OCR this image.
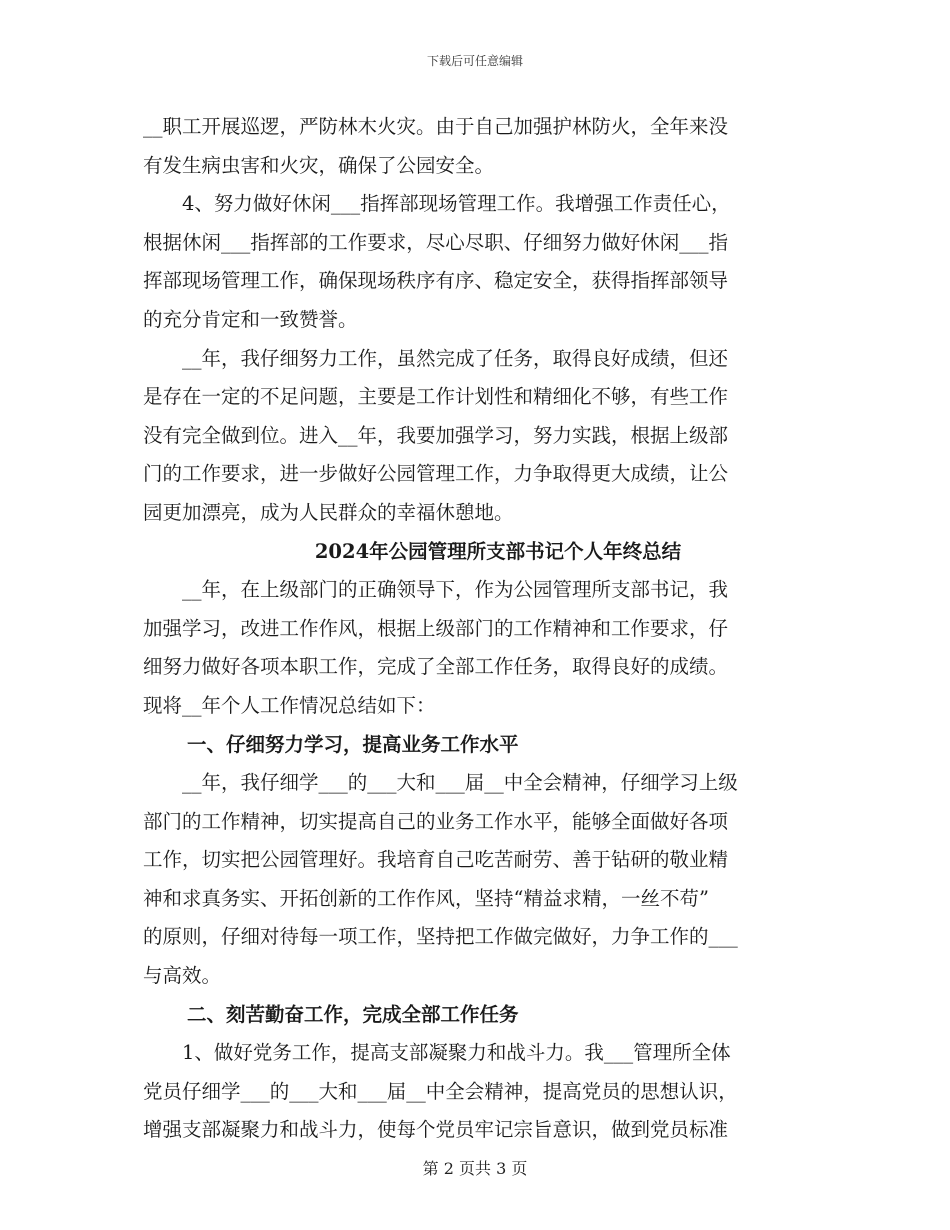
下载后可任意编辑
__职工开展巡逻，严防林木火灾。由于自己加强护林防火，全年来没
有发生病虫害和火灾，确保了公园安全。
4、努力做好休闲___指挥部现场管理工作。我增强工作责任心，
根据休闲___指挥部的工作要求，尽心尽职、仔细努力做好休闲___指
挥部现场管理工作，确保现场秩序有序、稳定安全，获得指挥部领导
的充分肯定和一致赞誉。
__年，我仔细努力工作，虽然完成了任务，取得良好成绩，但还
是存在一定的不足问题，主要是工作计划性和精细化不够，有些工作
没有完全做到位。进入__年，我要加强学习，努力实践，根据上级部
门的工作要求，进一步做好公园管理工作，力争取得更大成绩，让公
园更加漂亮，成为人民群众的幸福休憩地。
2024年公园管理所支部书记个人年终总结
__年，在上级部门的正确领导下，作为公园管理所支部书记，我
加强学习，改进工作作风，根据上级部门的工作精神和工作要求，仔
细努力做好各项本职工作，完成了全部工作任务，取得良好的成绩。
现将__年个人工作情况总结如下：
一、仔细努力学习，提高业务工作水平
__年，我仔细学___的___大和___届__中全会精神，仔细学习上级
部门的工作精神，切实提高自己的业务工作水平，能够全面做好各项
工作，切实把公园管理好。我培育自己吃苦耐劳、善于钻研的敬业精
神和求真务实、开拓创新的工作作风，坚持“精益求精，一丝不苟”
的原则，仔细对待每一项工作，坚持把工作做完做好，力争工作的___
与高效。
二、刻苦勤奋工作，完成全部工作任务
1、做好党务工作，提高支部凝聚力和战斗力。我___管理所全体
党员仔细学___的___大和___届__中全会精神，提高党员的思想认识，
增强支部凝聚力和战斗力，使每个党员牢记宗旨意识，做到党员标准
第 2 页共 3 页
